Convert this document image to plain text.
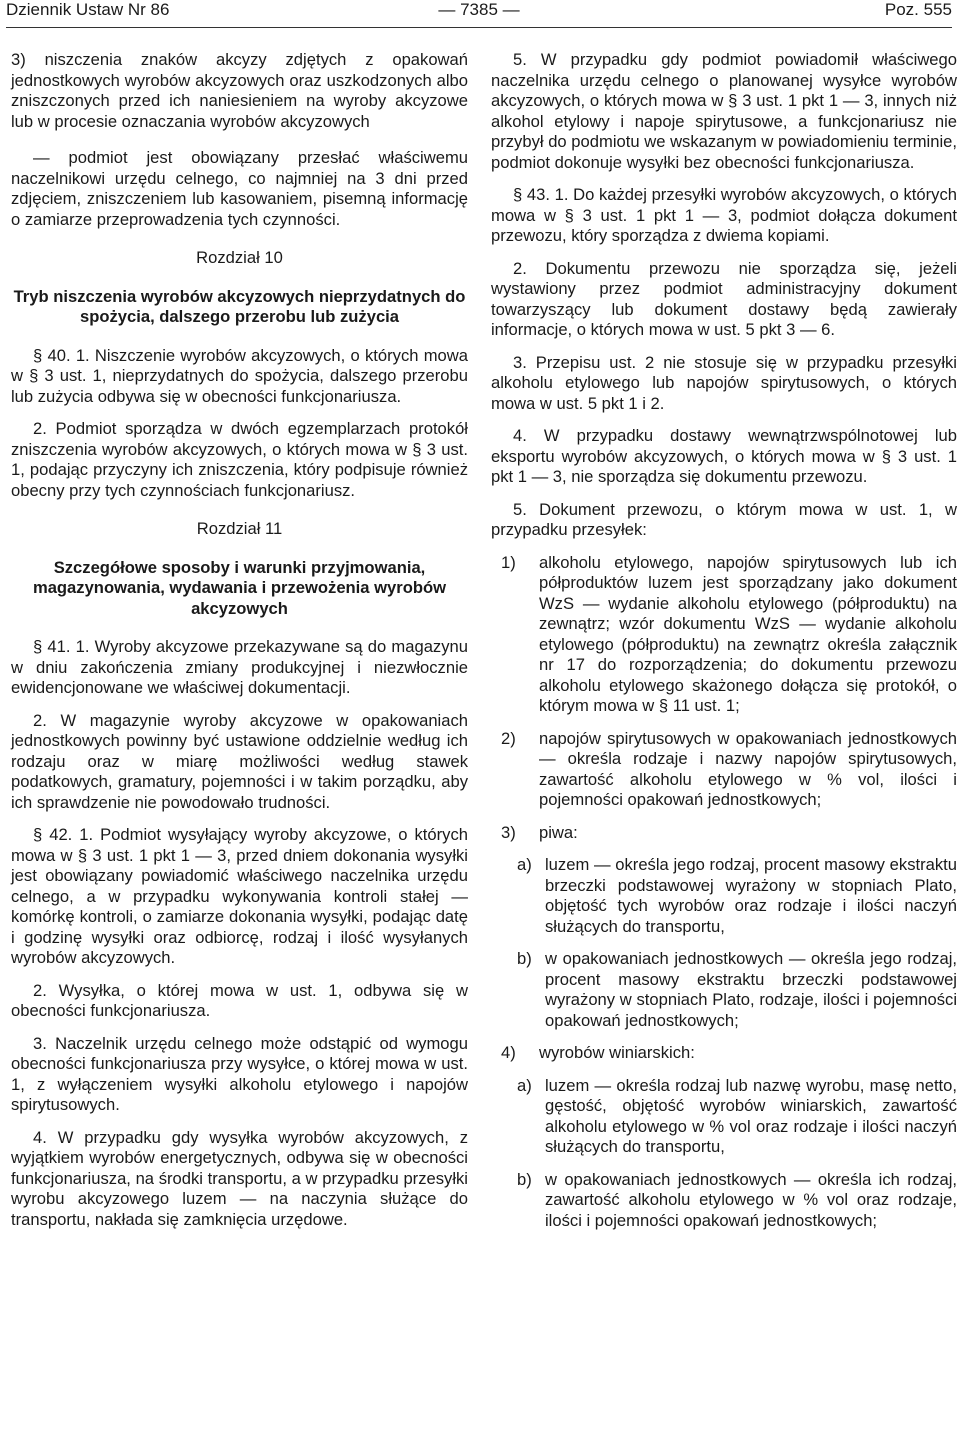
Dziennik Ustaw Nr 86	— 7385 —	Poz. 555

3) niszczenia znaków akcyzy zdjętych z opakowań jednostkowych wyrobów akcyzowych oraz uszkodzonych albo zniszczonych przed ich naniesieniem na wyroby akcyzowe lub w procesie oznaczania wyrobów akcyzowych

— podmiot jest obowiązany przesłać właściwemu naczelnikowi urzędu celnego, co najmniej na 3 dni przed zdjęciem, zniszczeniem lub kasowaniem, pisemną informację o zamiarze przeprowadzenia tych czynności.

Rozdział 10
Tryb niszczenia wyrobów akcyzowych nieprzydatnych do spożycia, dalszego przerobu lub zużycia

§ 40. 1. Niszczenie wyrobów akcyzowych, o których mowa w § 3 ust. 1, nieprzydatnych do spożycia, dalszego przerobu lub zużycia odbywa się w obecności funkcjonariusza.

2. Podmiot sporządza w dwóch egzemplarzach protokół zniszczenia wyrobów akcyzowych, o których mowa w § 3 ust. 1, podając przyczyny ich zniszczenia, który podpisuje również obecny przy tych czynnościach funkcjonariusz.

Rozdział 11
Szczegółowe sposoby i warunki przyjmowania, magazynowania, wydawania i przewożenia wyrobów akcyzowych

§ 41. 1. Wyroby akcyzowe przekazywane są do magazynu w dniu zakończenia zmiany produkcyjnej i niezwłocznie ewidencjonowane we właściwej dokumentacji.

2. W magazynie wyroby akcyzowe w opakowaniach jednostkowych powinny być ustawione oddzielnie według ich rodzaju oraz w miarę możliwości według stawek podatkowych, gramatury, pojemności i w takim porządku, aby ich sprawdzenie nie powodowało trudności.

§ 42. 1. Podmiot wysyłający wyroby akcyzowe, o których mowa w § 3 ust. 1 pkt 1 — 3, przed dniem dokonania wysyłki jest obowiązany powiadomić właściwego naczelnika urzędu celnego, a w przypadku wykonywania kontroli stałej — komórkę kontroli, o zamiarze dokonania wysyłki, podając datę i godzinę wysyłki oraz odbiorcę, rodzaj i ilość wysyłanych wyrobów akcyzowych.

2. Wysyłka, o której mowa w ust. 1, odbywa się w obecności funkcjonariusza.

3. Naczelnik urzędu celnego może odstąpić od wymogu obecności funkcjonariusza przy wysyłce, o której mowa w ust. 1, z wyłączeniem wysyłki alkoholu etylowego i napojów spirytusowych.

4. W przypadku gdy wysyłka wyrobów akcyzowych, z wyjątkiem wyrobów energetycznych, odbywa się w obecności funkcjonariusza, na środki transportu, a w przypadku przesyłki wyrobu akcyzowego luzem — na naczynia służące do transportu, nakłada się zamknięcia urzędowe.

5. W przypadku gdy podmiot powiadomił właściwego naczelnika urzędu celnego o planowanej wysyłce wyrobów akcyzowych, o których mowa w § 3 ust. 1 pkt 1 — 3, innych niż alkohol etylowy i napoje spirytusowe, a funkcjonariusz nie przybył do podmiotu we wskazanym w powiadomieniu terminie, podmiot dokonuje wysyłki bez obecności funkcjonariusza.

§ 43. 1. Do każdej przesyłki wyrobów akcyzowych, o których mowa w § 3 ust. 1 pkt 1 — 3, podmiot dołącza dokument przewozu, który sporządza z dwiema kopiami.

2. Dokumentu przewozu nie sporządza się, jeżeli wystawiony przez podmiot administracyjny dokument towarzyszący lub dokument dostawy będą zawierały informacje, o których mowa w ust. 5 pkt 3 — 6.

3. Przepisu ust. 2 nie stosuje się w przypadku przesyłki alkoholu etylowego lub napojów spirytusowych, o których mowa w ust. 5 pkt 1 i 2.

4. W przypadku dostawy wewnątrzwspólnotowej lub eksportu wyrobów akcyzowych, o których mowa w § 3 ust. 1 pkt 1 — 3, nie sporządza się dokumentu przewozu.

5. Dokument przewozu, o którym mowa w ust. 1, w przypadku przesyłek:

1)	alkoholu etylowego, napojów spirytusowych lub ich półproduktów luzem jest sporządzany jako dokument WzS — wydanie alkoholu etylowego (półproduktu) na zewnątrz; wzór dokumentu WzS — wydanie alkoholu etylowego (półproduktu) na zewnątrz określa załącznik nr 17 do rozporządzenia; do dokumentu przewozu alkoholu etylowego skażonego dołącza się protokół, o którym mowa w § 11 ust. 1;
2)	napojów spirytusowych w opakowaniach jednostkowych — określa rodzaje i nazwy napojów spirytusowych, zawartość alkoholu etylowego w % vol, ilości i pojemności opakowań jednostkowych;
3)	piwa:
a) luzem — określa jego rodzaj, procent masowy ekstraktu brzeczki podstawowej wyrażony w stopniach Plato, objętość tych wyrobów oraz rodzaje i ilości naczyń służących do transportu,
b) w opakowaniach jednostkowych — określa jego rodzaj, procent masowy ekstraktu brzeczki podstawowej wyrażony w stopniach Plato, rodzaje, ilości i pojemności opakowań jednostkowych;
4)	wyrobów winiarskich:
a) luzem — określa rodzaj lub nazwę wyrobu, masę netto, gęstość, objętość wyrobów winiarskich, zawartość alkoholu etylowego w % vol oraz rodzaje i ilości naczyń służących do transportu,
b) w opakowaniach jednostkowych — określa ich rodzaj, zawartość alkoholu etylowego w % vol oraz rodzaje, ilości i pojemności opakowań jednostkowych;
